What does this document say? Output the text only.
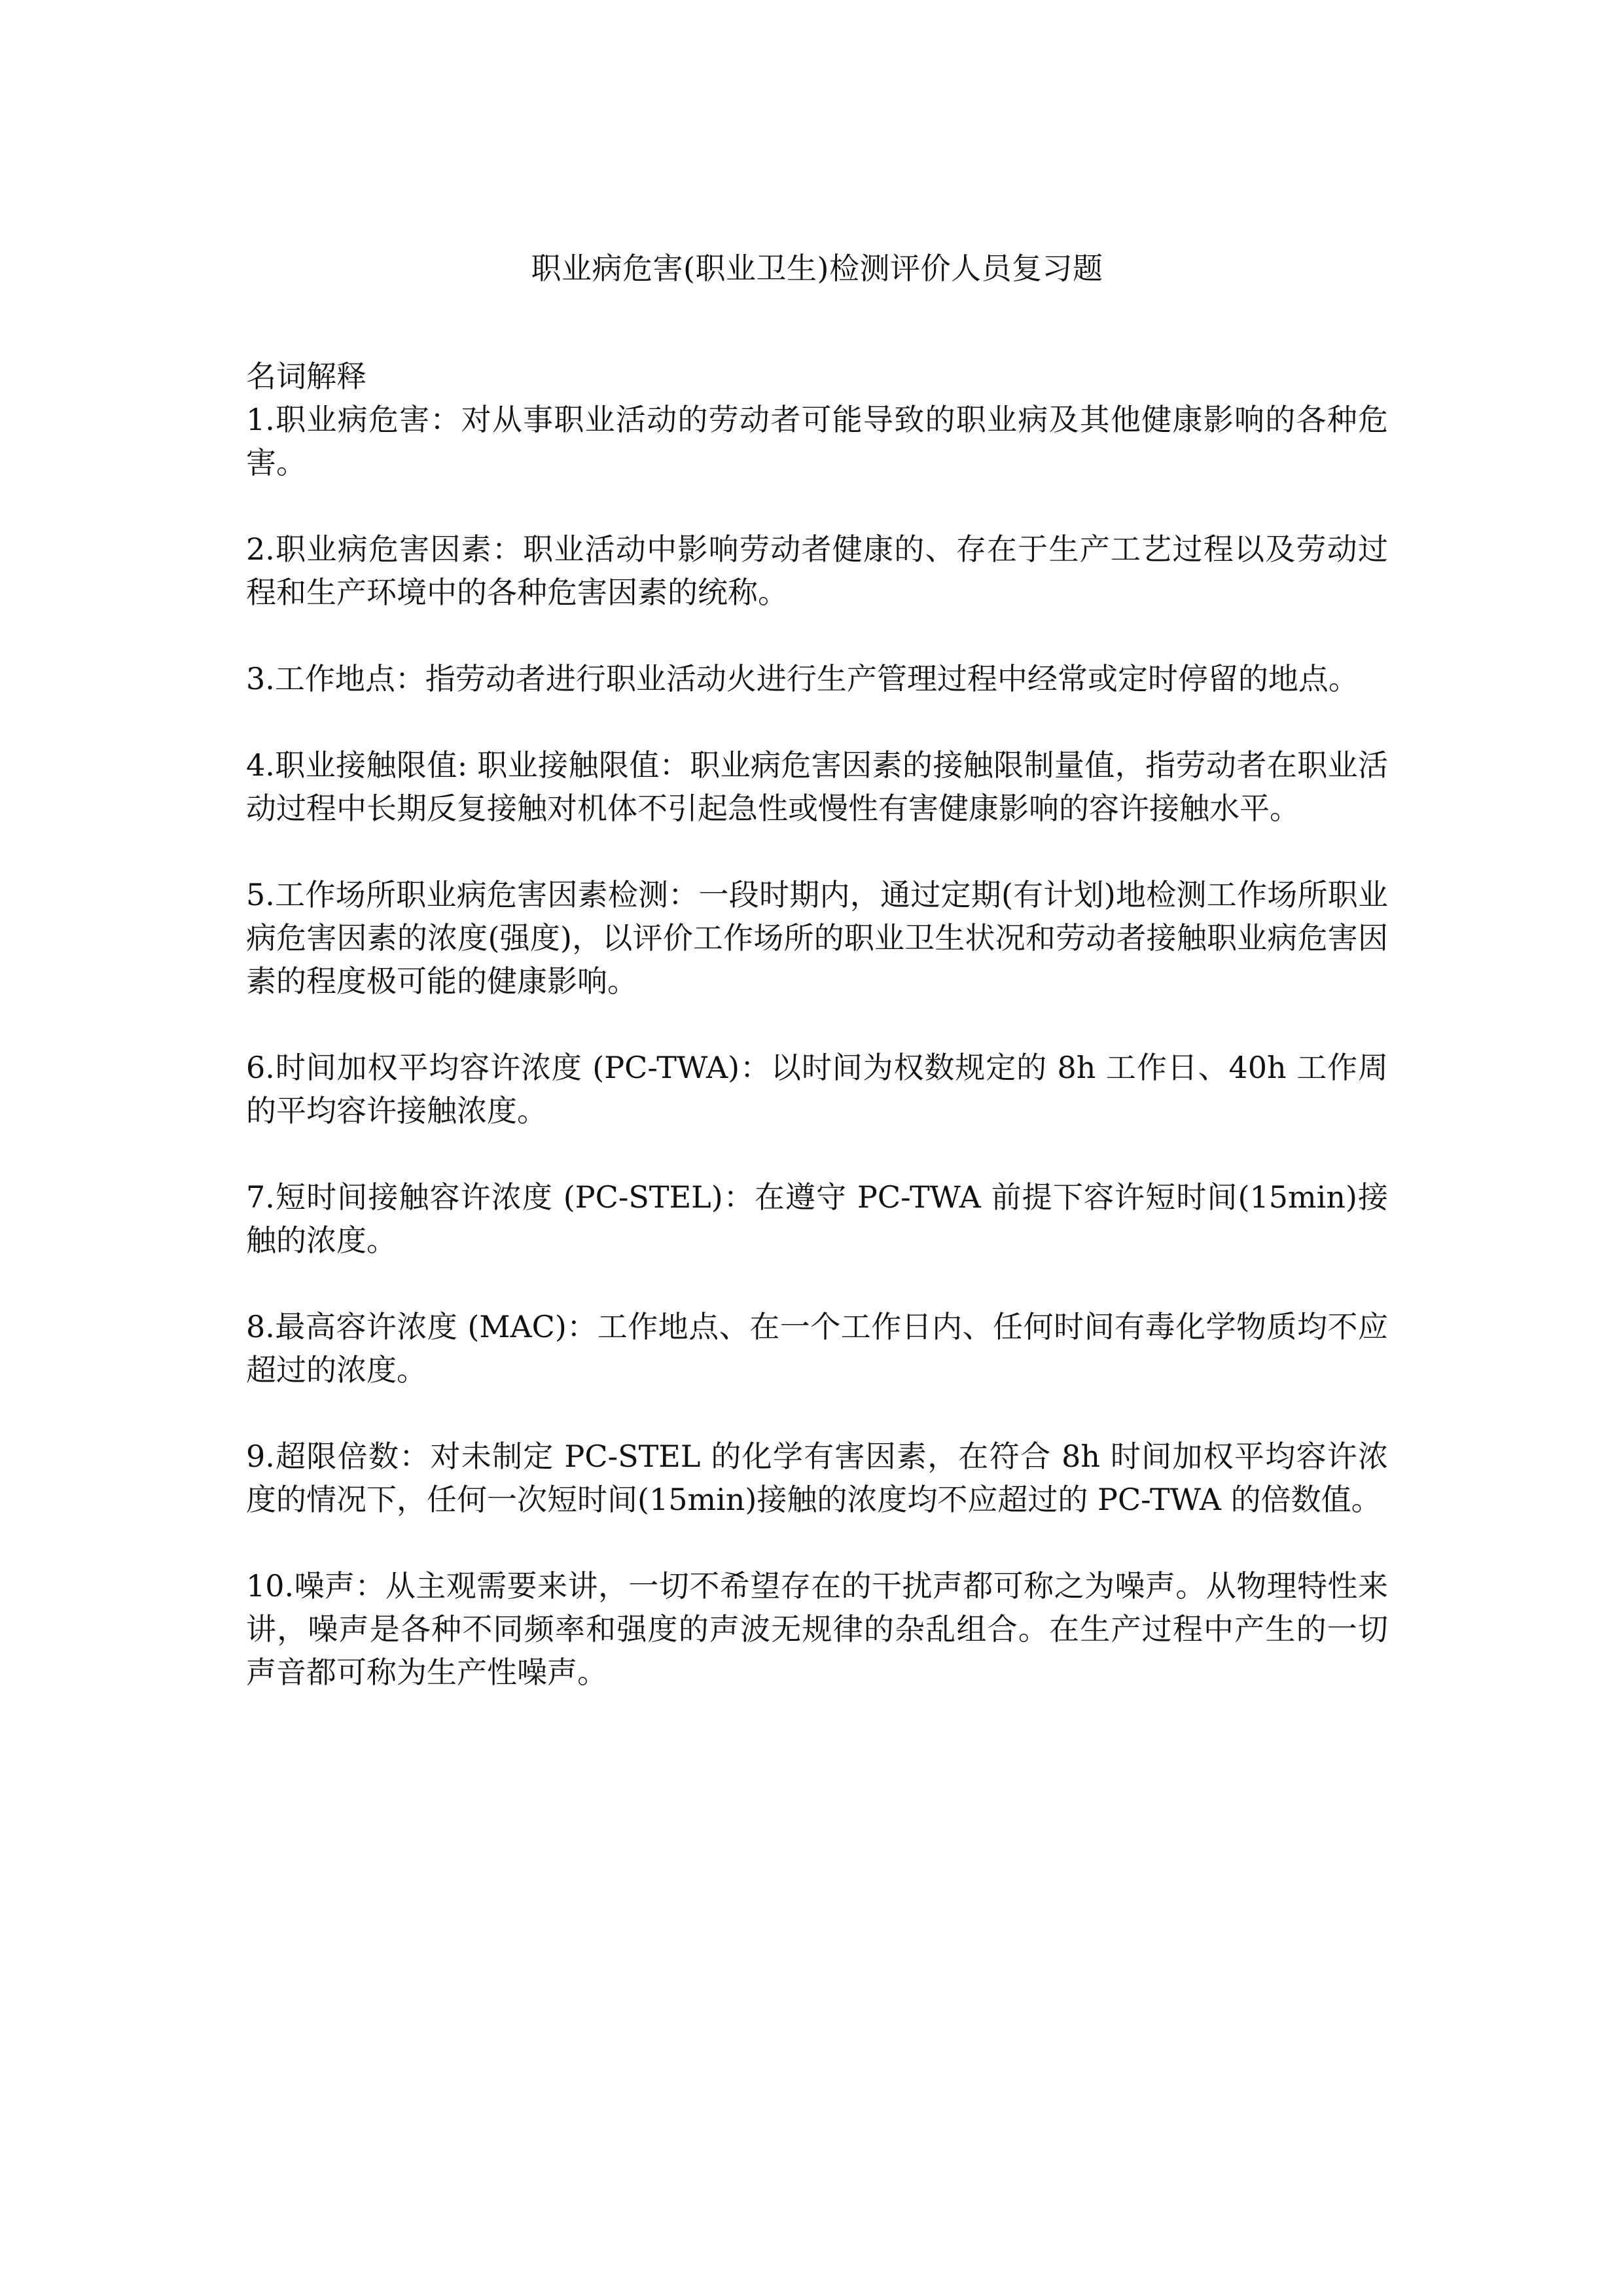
职业病危害(职业卫生)检测评价人员复习题
名词解释

1.职业病危害：对从事职业活动的劳动者可能导致的职业病及其他健康影响的各种危害。

2.职业病危害因素：职业活动中影响劳动者健康的、存在于生产工艺过程以及劳动过程和生产环境中的各种危害因素的统称。

3.工作地点：指劳动者进行职业活动火进行生产管理过程中经常或定时停留的地点。

4.职业接触限值: 职业接触限值：职业病危害因素的接触限制量值，指劳动者在职业活动过程中长期反复接触对机体不引起急性或慢性有害健康影响的容许接触水平。

5.工作场所职业病危害因素检测：一段时期内，通过定期(有计划)地检测工作场所职业病危害因素的浓度(强度)，以评价工作场所的职业卫生状况和劳动者接触职业病危害因素的程度极可能的健康影响。

6.时间加权平均容许浓度 (PC-TWA)：以时间为权数规定的 8h 工作日、40h 工作周的平均容许接触浓度。

7.短时间接触容许浓度 (PC-STEL)：在遵守 PC-TWA 前提下容许短时间(15min)接触的浓度。

8.最高容许浓度 (MAC)：工作地点、在一个工作日内、任何时间有毒化学物质均不应超过的浓度。

9.超限倍数：对未制定 PC-STEL 的化学有害因素，在符合 8h 时间加权平均容许浓度的情况下，任何一次短时间(15min)接触的浓度均不应超过的 PC-TWA 的倍数值。

10.噪声：从主观需要来讲，一切不希望存在的干扰声都可称之为噪声。从物理特性来讲，噪声是各种不同频率和强度的声波无规律的杂乱组合。在生产过程中产生的一切声音都可称为生产性噪声。
